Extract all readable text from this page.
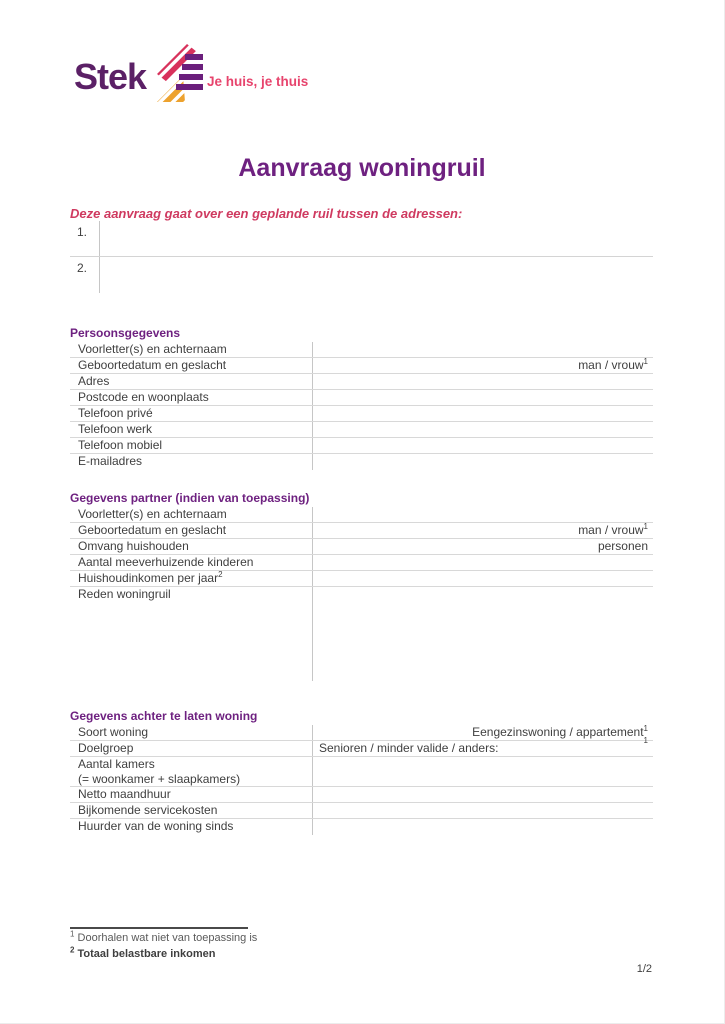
Stek	Je huis, je thuis
Aanvraag woningruil
Deze aanvraag gaat over een geplande ruil tussen de adressen:
1.
2.
Persoonsgegevens
Voorletter(s) en achternaam
Geboortedatum en geslacht	man / vrouw$^1$
Adres
Postcode en woonplaats
Telefoon privé
Telefoon werk
Telefoon mobiel
E-mailadres
Gegevens partner (indien van toepassing)
Voorletter(s) en achternaam
Geboortedatum en geslacht	man / vrouw$^1$
Omvang huishouden	personen
Aantal meeverhuizende kinderen
Huishoudinkomen per jaar$^2$
Reden woningruil
Gegevens achter te laten woning
Soort woning	Eengezinswoning / appartement$^1$
Doelgroep	Senioren / minder valide / anders:
1
Aantal kamers
(= woonkamer + slaapkamers)
Netto maandhuur
Bijkomende servicekosten
Huurder van de woning sinds
$^1$ Doorhalen wat niet van toepassing is
$^2$ Totaal belastbare inkomen
1/2
